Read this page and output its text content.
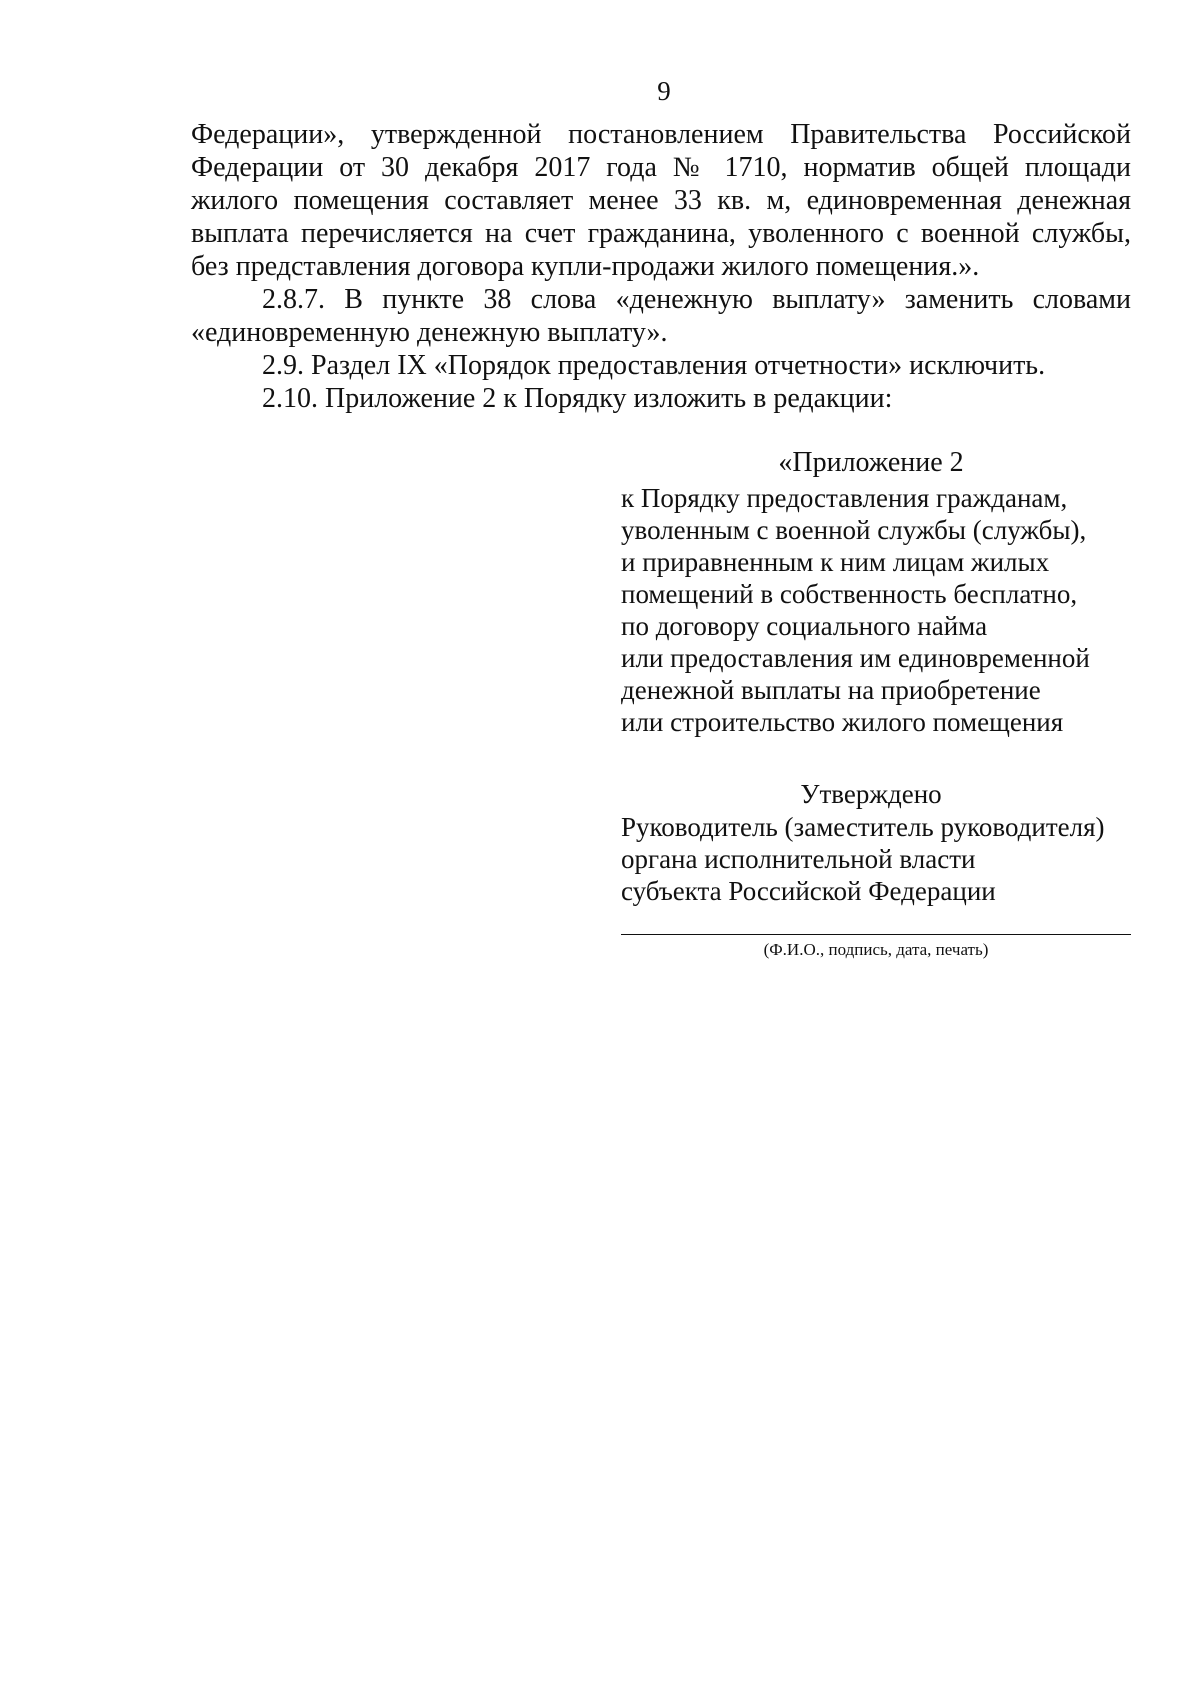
9
Федерации», утвержденной постановлением Правительства Российской
Федерации от 30 декабря 2017 года № 1710, норматив общей площади
жилого помещения составляет менее 33 кв. м, единовременная денежная
выплата перечисляется на счет гражданина, уволенного с военной службы,
без представления договора купли-продажи жилого помещения.».
2.8.7. В пункте 38 слова «денежную выплату» заменить словами
«единовременную денежную выплату».
2.9. Раздел IX «Порядок предоставления отчетности» исключить.
2.10. Приложение 2 к Порядку изложить в редакции:
«Приложение 2
к Порядку предоставления гражданам,
уволенным с военной службы (службы),
и приравненным к ним лицам жилых
помещений в собственность бесплатно,
по договору социального найма
или предоставления им единовременной
денежной выплаты на приобретение
или строительство жилого помещения
Утверждено
Руководитель (заместитель руководителя)
органа исполнительной власти
субъекта Российской Федерации
(Ф.И.О., подпись, дата, печать)
